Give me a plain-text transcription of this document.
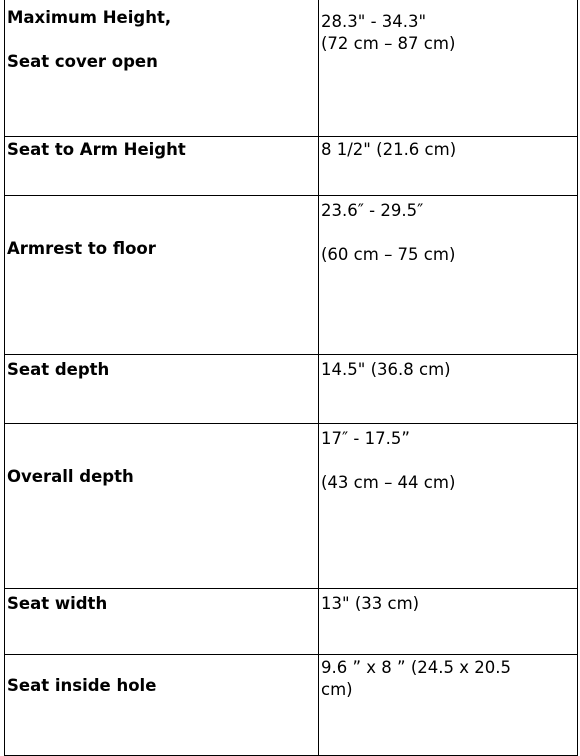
Maximum Height,
Seat cover open	28.3" - 34.3"
(72 cm – 87 cm)

Seat to Arm Height	8 1/2" (21.6 cm)

Armrest to floor	23.6″ - 29.5″
(60 cm – 75 cm)

Seat depth	14.5" (36.8 cm)

Overall depth	17″ - 17.5ˮ
(43 cm – 44 cm)

Seat width	13" (33 cm)

Seat inside hole	9.6 ˮ x 8 ˮ (24.5 x 20.5
cm)
